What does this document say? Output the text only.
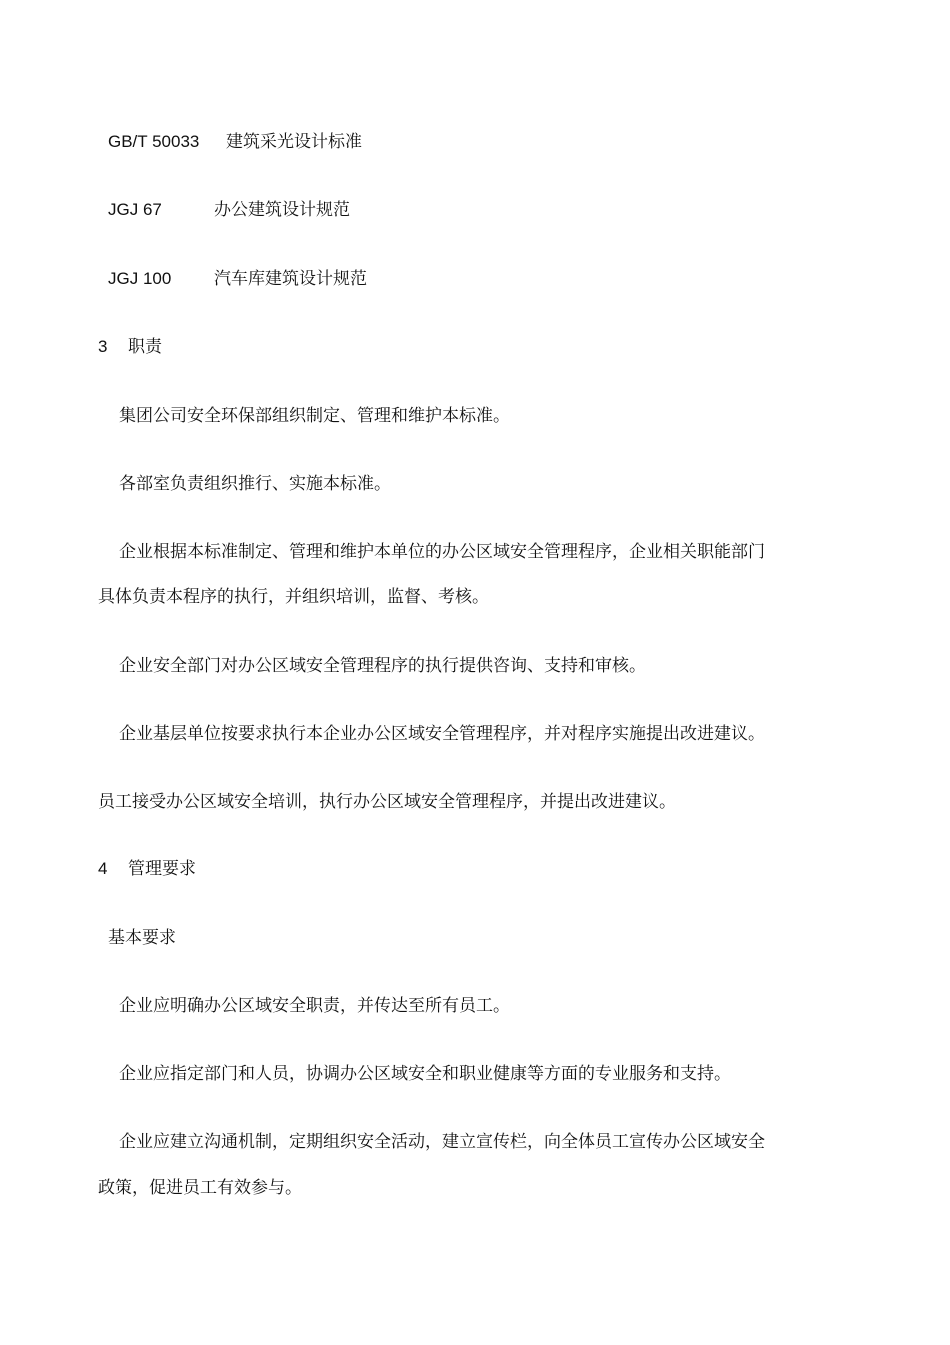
GB/T 50033 建筑采光设计标准
JGJ 67	办公建筑设计规范
JGJ 100	汽车库建筑设计规范
3 职责
集团公司安全环保部组织制定、管理和维护本标准。
各部室负责组织推行、实施本标准。
企业根据本标准制定、管理和维护本单位的办公区域安全管理程序，企业相关职能部门
具体负责本程序的执行，并组织培训，监督、考核。
企业安全部门对办公区域安全管理程序的执行提供咨询、支持和审核。
企业基层单位按要求执行本企业办公区域安全管理程序，并对程序实施提出改进建议。
员工接受办公区域安全培训，执行办公区域安全管理程序，并提出改进建议。
4 管理要求
基本要求
企业应明确办公区域安全职责，并传达至所有员工。
企业应指定部门和人员，协调办公区域安全和职业健康等方面的专业服务和支持。
企业应建立沟通机制，定期组织安全活动，建立宣传栏，向全体员工宣传办公区域安全
政策，促进员工有效参与。
